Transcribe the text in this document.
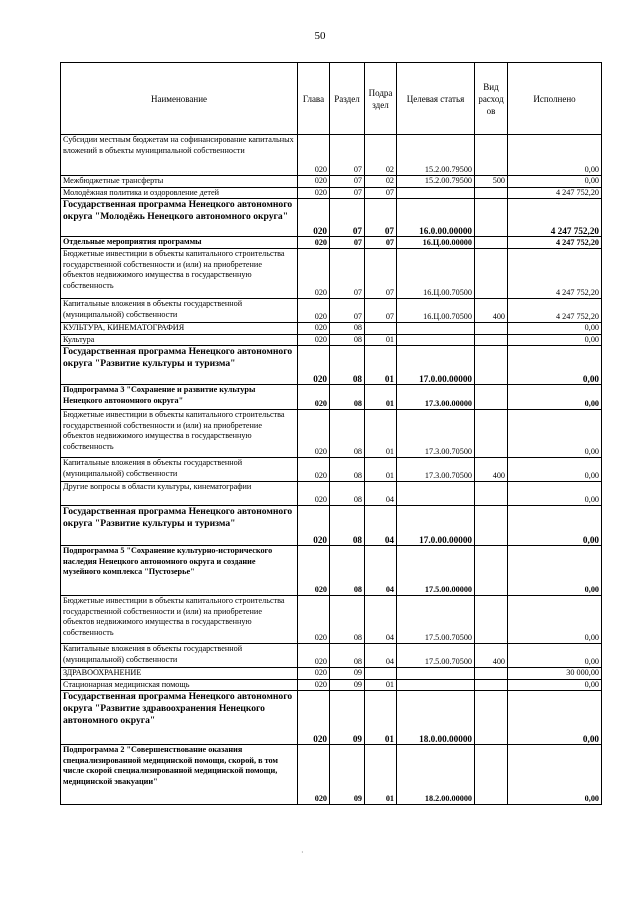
50
Наименование	Глава	Раздел	Подра здел	Целевая статья	Вид расход ов	Исполнено
Субсидии местным бюджетам на софинансирование капитальных вложений в объекты муниципальной собственности	020	07	02	15.2.00.79500		0,00
Межбюджетные трансферты	020	07	02	15.2.00.79500	500	0,00
Молодёжная политика и оздоровление детей	020	07	07			4 247 752,20
Государственная программа Ненецкого автономного округа "Молодёжь Ненецкого автономного округа"	020	07	07	16.0.00.00000		4 247 752,20
Отдельные мероприятия программы	020	07	07	16.Ц.00.00000		4 247 752,20
Бюджетные инвестиции в объекты капитального строительства государственной собственности и (или) на приобретение объектов недвижимого имущества в государственную собственность	020	07	07	16.Ц.00.70500		4 247 752,20
Капитальные вложения в объекты государственной (муниципальной) собственности	020	07	07	16.Ц.00.70500	400	4 247 752,20
КУЛЬТУРА, КИНЕМАТОГРАФИЯ	020	08				0,00
Культура	020	08	01			0,00
Государственная программа Ненецкого автономного округа "Развитие культуры и туризма"	020	08	01	17.0.00.00000		0,00
Подпрограмма 3 "Сохранение и развитие культуры Ненецкого автономного округа"	020	08	01	17.3.00.00000		0,00
Бюджетные инвестиции в объекты капитального строительства государственной собственности и (или) на приобретение объектов недвижимого имущества в государственную собственность	020	08	01	17.3.00.70500		0,00
Капитальные вложения в объекты государственной (муниципальной) собственности	020	08	01	17.3.00.70500	400	0,00
Другие вопросы в области культуры, кинематографии	020	08	04			0,00
Государственная программа Ненецкого автономного округа "Развитие культуры и туризма"	020	08	04	17.0.00.00000		0,00
Подпрограмма 5 "Сохранение культурно-исторического наследия Ненецкого автономного округа и создание музейного комплекса "Пустозерье"	020	08	04	17.5.00.00000		0,00
Бюджетные инвестиции в объекты капитального строительства государственной собственности и (или) на приобретение объектов недвижимого имущества в государственную собственность	020	08	04	17.5.00.70500		0,00
Капитальные вложения в объекты государственной (муниципальной) собственности	020	08	04	17.5.00.70500	400	0,00
ЗДРАВООХРАНЕНИЕ	020	09				30 000,00
Стационарная медицинская помощь	020	09	01			0,00
Государственная программа Ненецкого автономного округа "Развитие здравоохранения Ненецкого автономного округа"	020	09	01	18.0.00.00000		0,00
Подпрограмма 2 "Совершенствование оказания специализированной медицинской помощи, скорой, в том числе скорой специализированной медицинской помощи, медицинской эвакуации"	020	09	01	18.2.00.00000		0,00
·
